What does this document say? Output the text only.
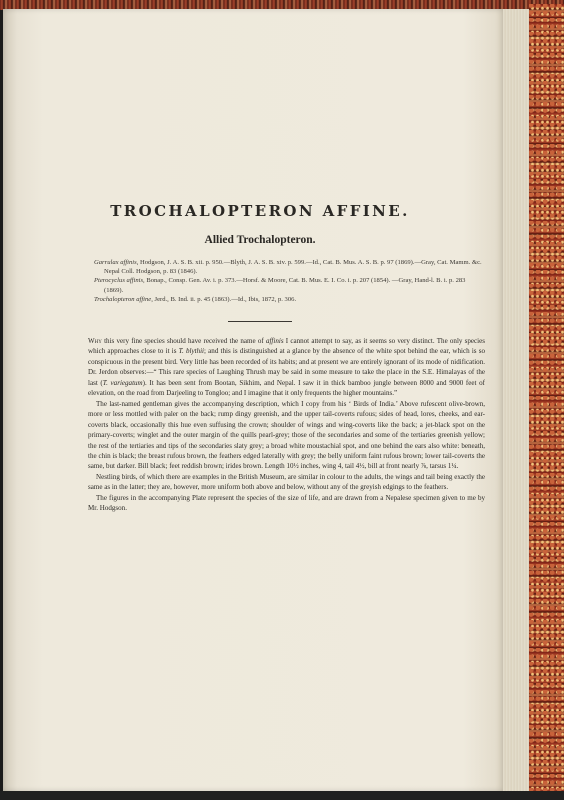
TROCHALOPTERON AFFINE.
Allied Trochalopteron.

Garrulax affinis, Hodgson, J. A. S. B. xii. p. 950.—Blyth, J. A. S. B. xiv. p. 599.—Id., Cat. B. Mus. A. S. B. p. 97 (1869).—Gray, Cat. Mamm. &c. Nepal Coll. Hodgson, p. 83 (1846).

Pterocyclus affinis, Bonap., Consp. Gen. Av. i. p. 373.—Horsf. & Moore, Cat. B. Mus. E. I. Co. i. p. 207 (1854). —Gray, Hand-l. B. i. p. 283 (1869).

Trochalopteron affine, Jerd., B. Ind. ii. p. 45 (1863).—Id., Ibis, 1872, p. 306.

Why this very fine species should have received the name of affinis I cannot attempt to say, as it seems so very distinct. The only species which approaches close to it is T. blythii; and this is distinguished at a glance by the absence of the white spot behind the ear, which is so conspicuous in the present bird. Very little has been recorded of its habits; and at present we are entirely ignorant of its mode of nidification. Dr. Jerdon observes:—“ This rare species of Laughing Thrush may be said in some measure to take the place in the S.E. Himalayas of the last (T. variegatum). It has been sent from Bootan, Sikhim, and Nepal. I saw it in thick bamboo jungle between 8000 and 9000 feet of elevation, on the road from Darjeeling to Tongloo; and I imagine that it only frequents the higher mountains.”

The last-named gentleman gives the accompanying description, which I copy from his ‘ Birds of India.’ Above rufescent olive-brown, more or less mottled with paler on the back; rump dingy greenish, and the upper tail-coverts rufous; sides of head, lores, cheeks, and ear-coverts black, occasionally this hue even suffusing the crown; shoulder of wings and wing-coverts like the back; a jet-black spot on the primary-coverts; winglet and the outer margin of the quills pearl-grey; those of the secondaries and some of the tertiaries greenish yellow; the rest of the tertiaries and tips of the secondaries slaty grey; a broad white moustachial spot, and one behind the ears also white: beneath, the chin is black; the breast rufous brown, the feathers edged laterally with grey; the belly uniform faint rufous brown; lower tail-coverts the same, but darker. Bill black; feet reddish brown; irides brown. Length 10½ inches, wing 4, tail 4½, bill at front nearly ⅞, tarsus 1¼.

Nestling birds, of which there are examples in the British Museum, are similar in colour to the adults, the wings and tail being exactly the same as in the latter; they are, however, more uniform both above and below, without any of the greyish edgings to the feathers.

The figures in the accompanying Plate represent the species of the size of life, and are drawn from a Nepalese specimen given to me by Mr. Hodgson.
